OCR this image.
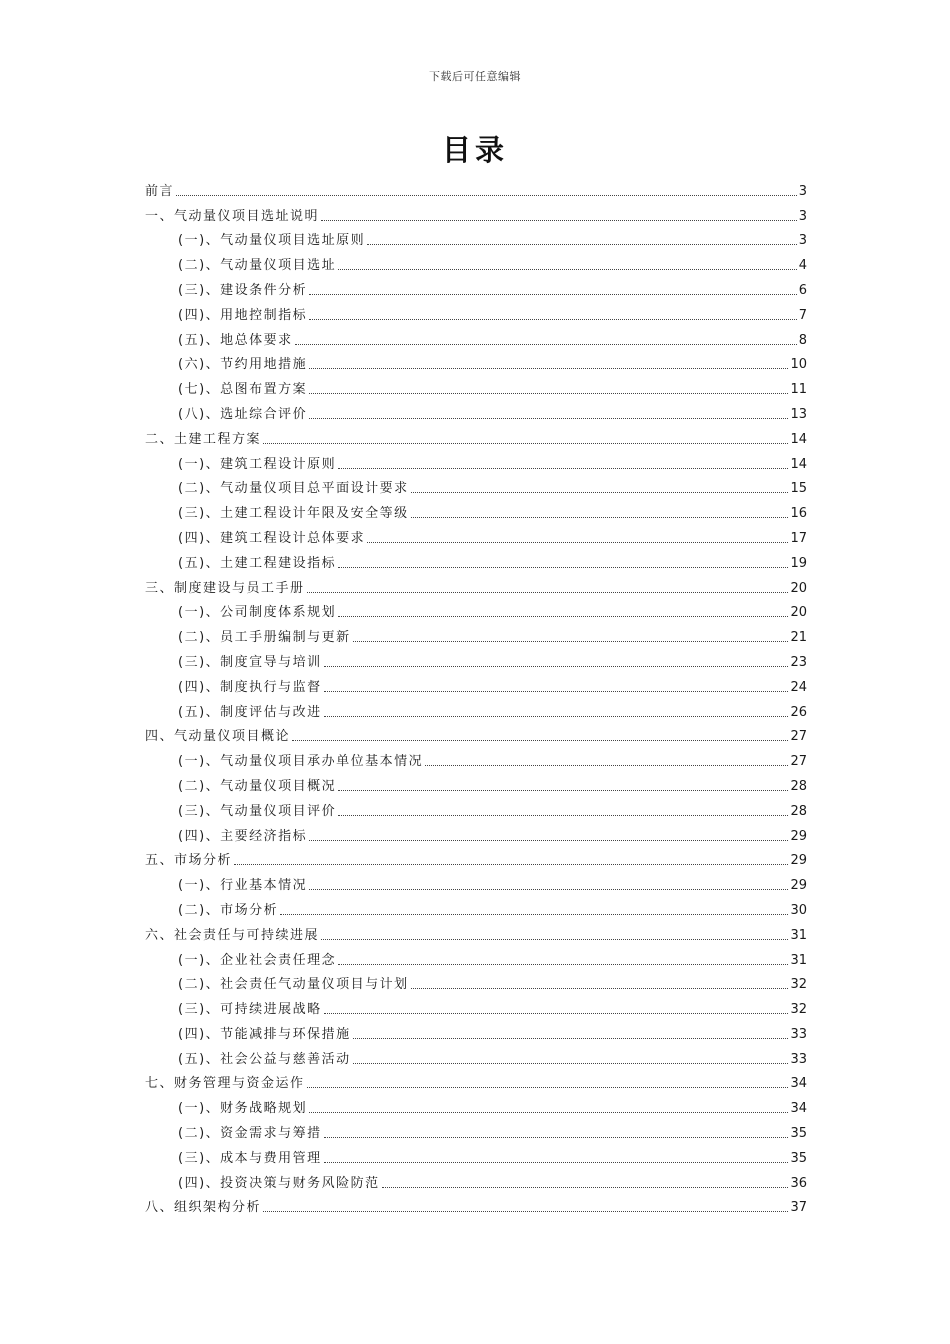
下载后可任意编辑
目录
前言	3
一、气动量仪项目选址说明	3
(一)、气动量仪项目选址原则	3
(二)、气动量仪项目选址	4
(三)、建设条件分析	6
(四)、用地控制指标	7
(五)、地总体要求	8
(六)、节约用地措施	10
(七)、总图布置方案	11
(八)、选址综合评价	13
二、土建工程方案	14
(一)、建筑工程设计原则	14
(二)、气动量仪项目总平面设计要求	15
(三)、土建工程设计年限及安全等级	16
(四)、建筑工程设计总体要求	17
(五)、土建工程建设指标	19
三、制度建设与员工手册	20
(一)、公司制度体系规划	20
(二)、员工手册编制与更新	21
(三)、制度宣导与培训	23
(四)、制度执行与监督	24
(五)、制度评估与改进	26
四、气动量仪项目概论	27
(一)、气动量仪项目承办单位基本情况	27
(二)、气动量仪项目概况	28
(三)、气动量仪项目评价	28
(四)、主要经济指标	29
五、市场分析	29
(一)、行业基本情况	29
(二)、市场分析	30
六、社会责任与可持续进展	31
(一)、企业社会责任理念	31
(二)、社会责任气动量仪项目与计划	32
(三)、可持续进展战略	32
(四)、节能减排与环保措施	33
(五)、社会公益与慈善活动	33
七、财务管理与资金运作	34
(一)、财务战略规划	34
(二)、资金需求与筹措	35
(三)、成本与费用管理	35
(四)、投资决策与财务风险防范	36
八、组织架构分析	37
